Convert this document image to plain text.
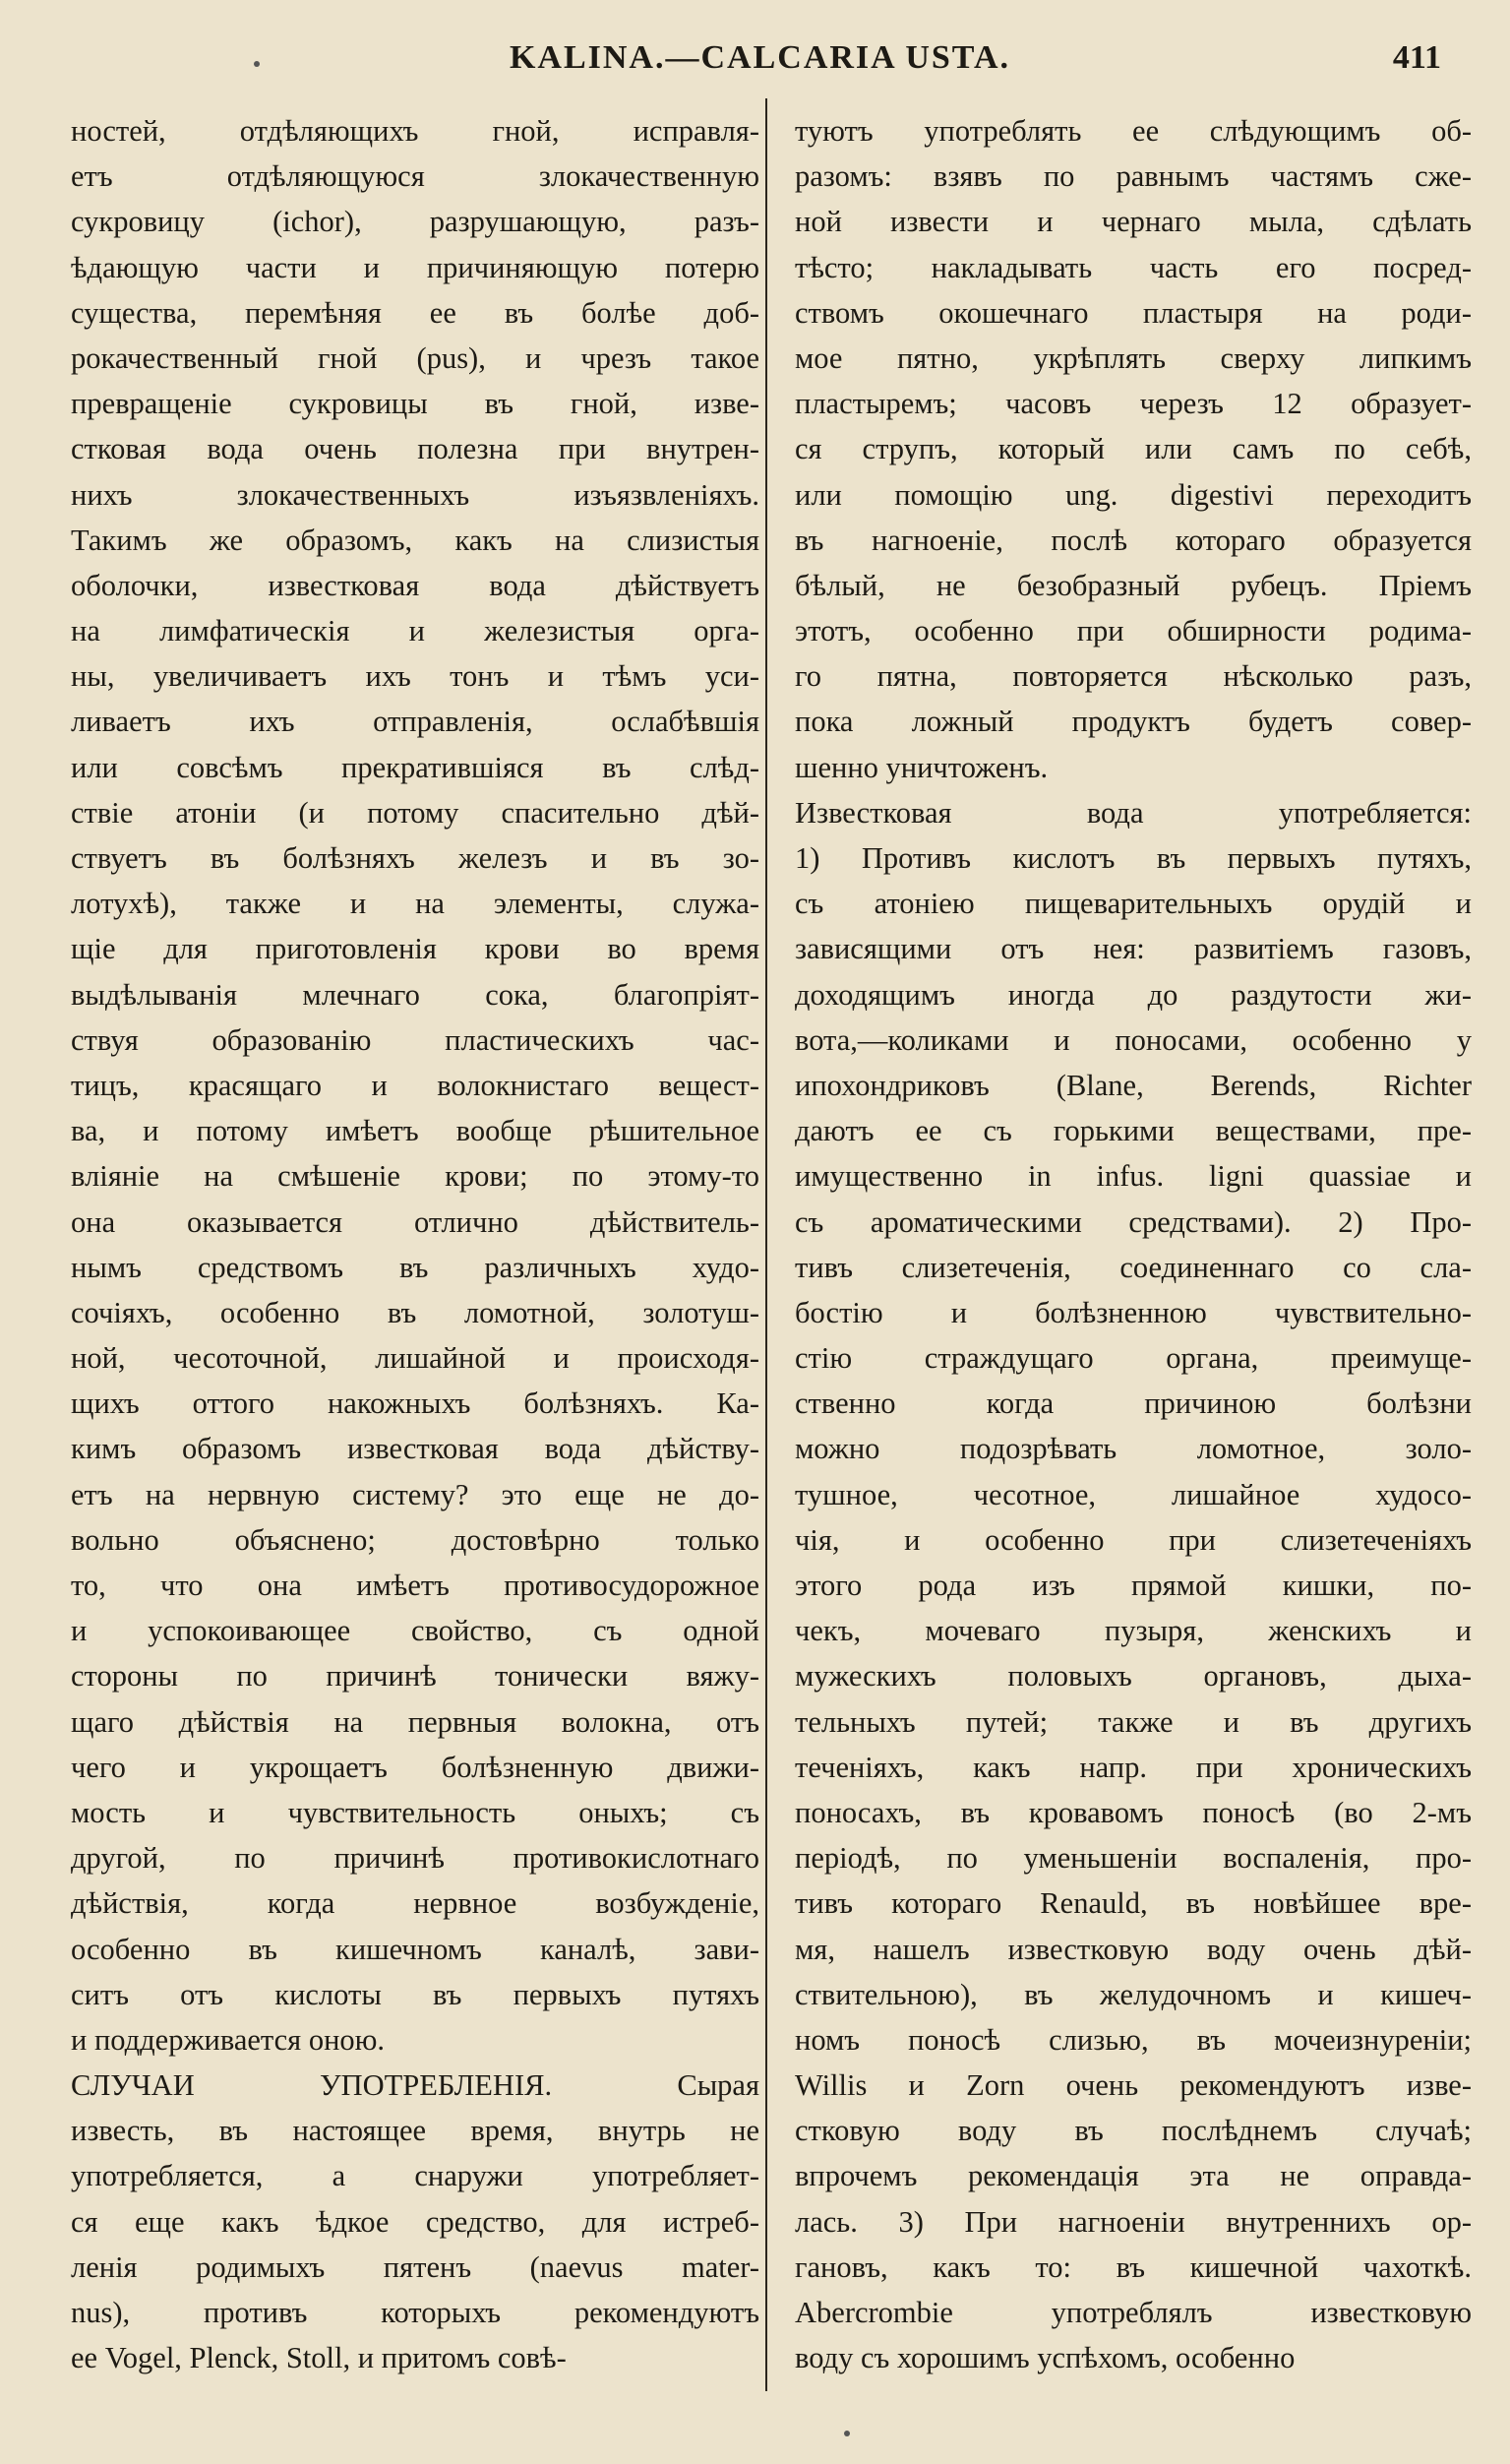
KALINA.—CALCARIA USTA.	411
ностей, отдѣляющихъ гной, исправля-
етъ отдѣляющуюся злокачественную
сукровицу (ichor), разрушающую, разъ-
ѣдающую части и причиняющую потерю
существа, перемѣняя ее въ болѣе доб-
рокачественный гной (pus), и чрезъ такое
превращеніе сукровицы въ гной, изве-
стковая вода очень полезна при внутрен-
нихъ злокачественныхъ изъязвленіяхъ.
Такимъ же образомъ, какъ на слизистыя
оболочки, известковая вода дѣйствуетъ
на лимфатическія и железистыя орга-
ны, увеличиваетъ ихъ тонъ и тѣмъ уси-
ливаетъ ихъ отправленія, ослабѣвшія
или совсѣмъ прекратившіяся въ слѣд-
ствіе атоніи (и потому спасительно дѣй-
ствуетъ въ болѣзняхъ железъ и въ зо-
лотухѣ), также и на элементы, служа-
щіе для приготовленія крови во время
выдѣлыванія млечнаго сока, благопріят-
ствуя образованію пластическихъ час-
тицъ, красящаго и волокнистаго вещест-
ва, и потому имѣетъ вообще рѣшительное
вліяніе на смѣшеніе крови; по этому-то
она оказывается отлично дѣйствитель-
нымъ средствомъ въ различныхъ худо-
сочіяхъ, особенно въ ломотной, золотуш-
ной, чесоточной, лишайной и происходя-
щихъ оттого накожныхъ болѣзняхъ. Ка-
кимъ образомъ известковая вода дѣйству-
етъ на нервную систему? это еще не до-
вольно объяснено; достовѣрно только
то, что она имѣетъ противосудорожное
и успокоивающее свойство, съ одной
стороны по причинѣ тонически вяжу-
щаго дѣйствія на первныя волокна, отъ
чего и укрощаетъ болѣзненную движи-
мость и чувствительность оныхъ; съ
другой, по причинѣ противокислотнаго
дѣйствія, когда нервное возбужденіе,
особенно въ кишечномъ каналѣ, зави-
ситъ отъ кислоты въ первыхъ путяхъ
и поддерживается оною.
СЛУЧАИ УПОТРЕБЛЕНІЯ. Сырая
известь, въ настоящее время, внутрь не
употребляется, а снаружи употребляет-
ся еще какъ ѣдкое средство, для истреб-
ленія родимыхъ пятенъ (naevus mater-
nus), противъ которыхъ рекомендуютъ
ее Vogel, Plenck, Stoll, и притомъ совѣ-
туютъ употреблять ее слѣдующимъ об-
разомъ: взявъ по равнымъ частямъ сже-
ной извести и чернаго мыла, сдѣлать
тѣсто; накладывать часть его посред-
ствомъ окошечнаго пластыря на роди-
мое пятно, укрѣплять сверху липкимъ
пластыремъ; часовъ черезъ 12 образует-
ся струпъ, который или самъ по себѣ,
или помощію ung. digestivi переходитъ
въ нагноеніе, послѣ котораго образуется
бѣлый, не безобразный рубецъ. Пріемъ
этотъ, особенно при обширности родима-
го пятна, повторяется нѣсколько разъ,
пока ложный продуктъ будетъ совер-
шенно уничтоженъ.
Известковая вода употребляется:
1) Противъ кислотъ въ первыхъ путяхъ,
съ атоніею пищеварительныхъ орудій и
зависящими отъ нея: развитіемъ газовъ,
доходящимъ иногда до раздутости жи-
вота,—коликами и поносами, особенно у
ипохондриковъ (Blane, Berends, Richter
даютъ ее съ горькими веществами, пре-
имущественно in infus. ligni quassiae и
съ ароматическими средствами). 2) Про-
тивъ слизетеченія, соединеннаго со сла-
бостію и болѣзненною чувствительно-
стію страждущаго органа, преимуще-
ственно когда причиною болѣзни
можно подозрѣвать ломотное, золо-
тушное, чесотное, лишайное худосо-
чія, и особенно при слизетеченіяхъ
этого рода изъ прямой кишки, по-
чекъ, мочеваго пузыря, женскихъ и
мужескихъ половыхъ органовъ, дыха-
тельныхъ путей; также и въ другихъ
теченіяхъ, какъ напр. при хроническихъ
поносахъ, въ кровавомъ поносѣ (во 2-мъ
періодѣ, по уменьшеніи воспаленія, про-
тивъ котораго Renauld, въ новѣйшее вре-
мя, нашелъ известковую воду очень дѣй-
ствительною), въ желудочномъ и кишеч-
номъ поносѣ слизью, въ мочеизнуреніи;
Willis и Zorn очень рекомендуютъ изве-
стковую воду въ послѣднемъ случаѣ;
впрочемъ рекомендація эта не оправда-
лась. 3) При нагноеніи внутреннихъ ор-
гановъ, какъ то: въ кишечной чахоткѣ.
Abercrombie употреблялъ известковую
воду съ хорошимъ успѣхомъ, особенно
